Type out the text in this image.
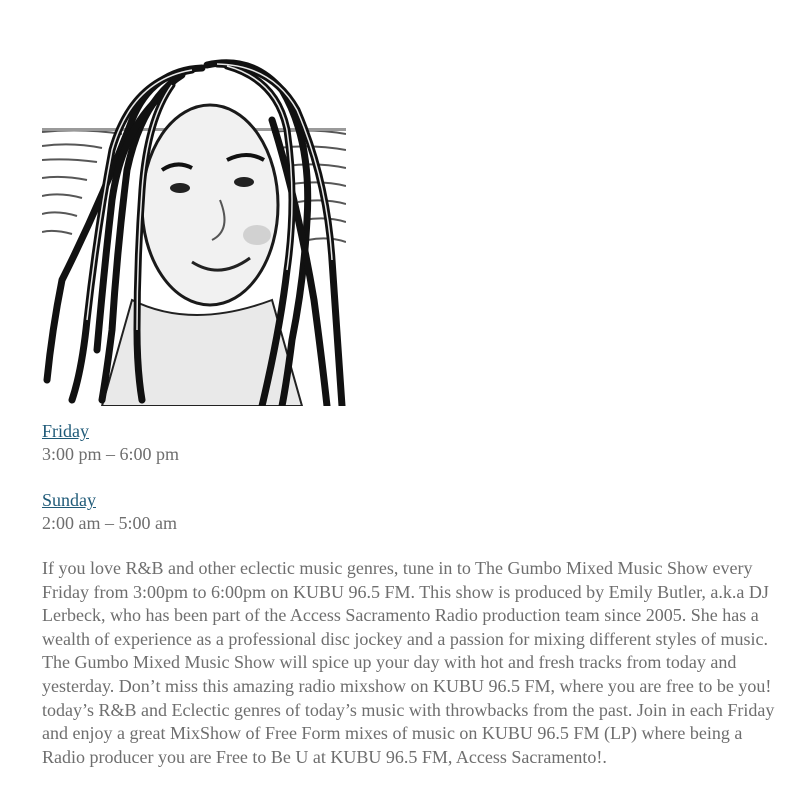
Friday
3:00 pm – 6:00 pm
Sunday
2:00 am – 5:00 am

If you love R&B and other eclectic music genres, tune in to The Gumbo Mixed Music Show every Friday from 3:00pm to 6:00pm on KUBU 96.5 FM. This show is produced by Emily Butler, a.k.a DJ Lerbeck, who has been part of the Access Sacramento Radio production team since 2005. She has a wealth of experience as a professional disc jockey and a passion for mixing different styles of music. The Gumbo Mixed Music Show will spice up your day with hot and fresh tracks from today and yesterday. Don’t miss this amazing radio mixshow on KUBU 96.5 FM, where you are free to be you! today’s R&B and Eclectic genres of today’s music with throwbacks from the past. Join in each Friday and enjoy a great MixShow of Free Form mixes of music on KUBU 96.5 FM (LP) where being a Radio producer you are Free to Be U at KUBU 96.5 FM, Access Sacramento!.
